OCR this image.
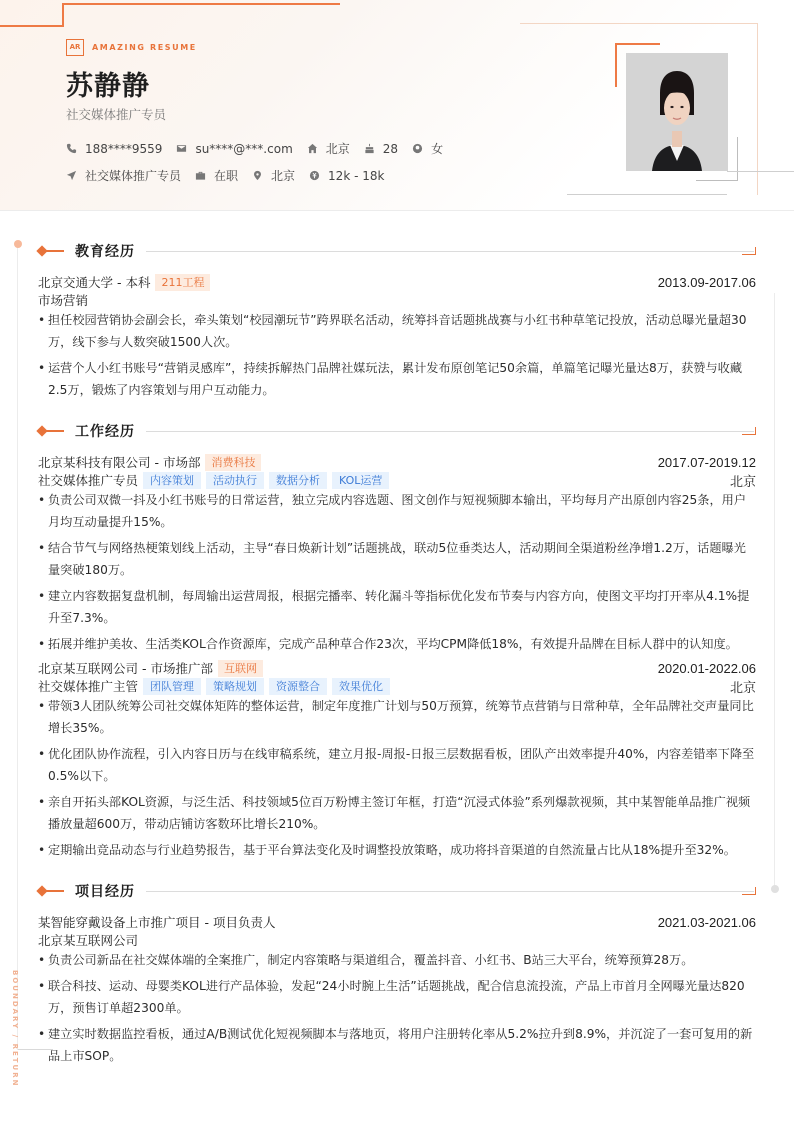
AR	AMAZING RESUME
苏静静
社交媒体推广专员
188****9559	su****@***.com	北京	28	女
社交媒体推广专员	在职	北京	12k - 18k
BOUNDARY / RETURN
教育经历
北京交通大学 - 本科	211工程	2013.09-2017.06
市场营销
• 担任校园营销协会副会长，牵头策划“校园潮玩节”跨界联名活动，统筹抖音话题挑战赛与小红书种草笔记投放，活动总曝光量超30万，线下参与人数突破1500人次。
• 运营个人小红书账号“营销灵感库”，持续拆解热门品牌社媒玩法，累计发布原创笔记50余篇，单篇笔记曝光量达8万，获赞与收藏2.5万，锻炼了内容策划与用户互动能力。
工作经历
北京某科技有限公司 - 市场部	消费科技	2017.07-2019.12
社交媒体推广专员	内容策划	活动执行	数据分析	KOL运营	北京
• 负责公司双微一抖及小红书账号的日常运营，独立完成内容选题、图文创作与短视频脚本输出，平均每月产出原创内容25条，用户月均互动量提升15%。
• 结合节气与网络热梗策划线上活动，主导“春日焕新计划”话题挑战，联动5位垂类达人，活动期间全渠道粉丝净增1.2万，话题曝光量突破180万。
• 建立内容数据复盘机制，每周输出运营周报，根据完播率、转化漏斗等指标优化发布节奏与内容方向，使图文平均打开率从4.1%提升至7.3%。
• 拓展并维护美妆、生活类KOL合作资源库，完成产品种草合作23次，平均CPM降低18%，有效提升品牌在目标人群中的认知度。
北京某互联网公司 - 市场推广部	互联网	2020.01-2022.06
社交媒体推广主管	团队管理	策略规划	资源整合	效果优化	北京
• 带领3人团队统筹公司社交媒体矩阵的整体运营，制定年度推广计划与50万预算，统筹节点营销与日常种草，全年品牌社交声量同比增长35%。
• 优化团队协作流程，引入内容日历与在线审稿系统，建立月报-周报-日报三层数据看板，团队产出效率提升40%，内容差错率下降至0.5%以下。
• 亲自开拓头部KOL资源，与泛生活、科技领域5位百万粉博主签订年框，打造“沉浸式体验”系列爆款视频，其中某智能单品推广视频播放量超600万，带动店铺访客数环比增长210%。
• 定期输出竞品动态与行业趋势报告，基于平台算法变化及时调整投放策略，成功将抖音渠道的自然流量占比从18%提升至32%。
项目经历
某智能穿戴设备上市推广项目 - 项目负责人	2021.03-2021.06
北京某互联网公司
• 负责公司新品在社交媒体端的全案推广，制定内容策略与渠道组合，覆盖抖音、小红书、B站三大平台，统筹预算28万。
• 联合科技、运动、母婴类KOL进行产品体验，发起“24小时腕上生活”话题挑战，配合信息流投流，产品上市首月全网曝光量达820万，预售订单超2300单。
• 建立实时数据监控看板，通过A/B测试优化短视频脚本与落地页，将用户注册转化率从5.2%拉升到8.9%，并沉淀了一套可复用的新品上市SOP。
